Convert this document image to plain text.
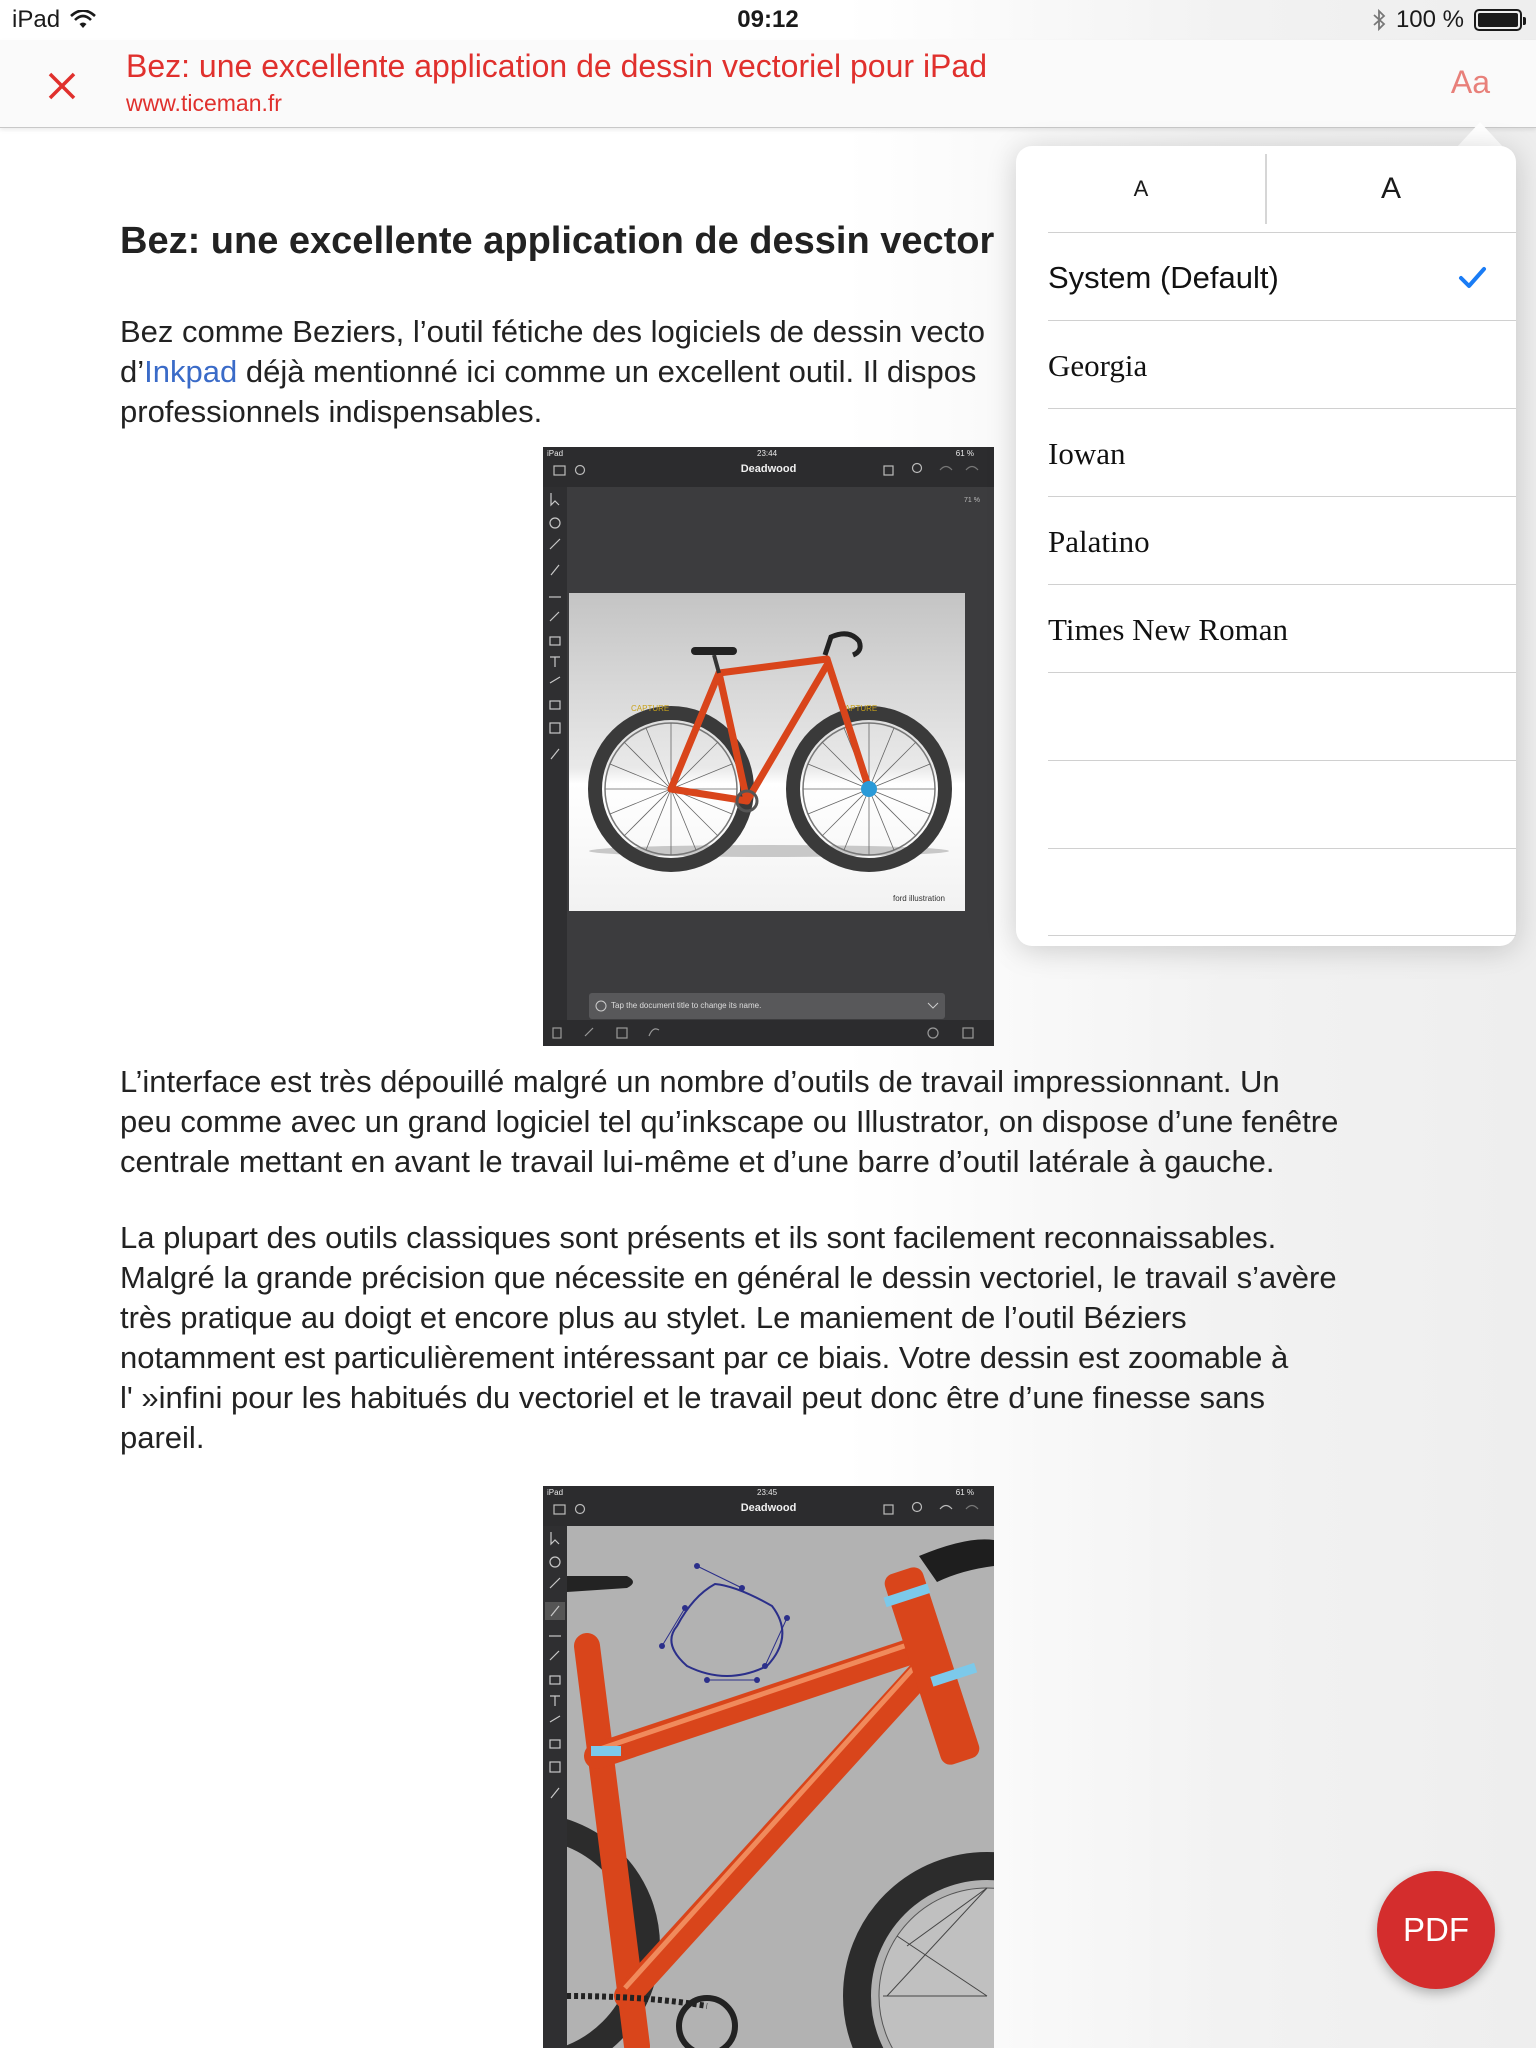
iPad	09:12	100 %
Bez: une excellente application de dessin vectoriel pour iPad
www.ticeman.fr
Aa
Bez: une excellente application de dessin vector
Bez comme Beziers, l’outil fétiche des logiciels de dessin vecto
d’Inkpad déjà mentionné ici comme un excellent outil. Il dispos
professionnels indispensables.
L’interface est très dépouillé malgré un nombre d’outils de travail impressionnant. Un
peu comme avec un grand logiciel tel qu’inkscape ou Illustrator, on dispose d’une fenêtre
centrale mettant en avant le travail lui-même et d’une barre d’outil latérale à gauche.
La plupart des outils classiques sont présents et ils sont facilement reconnaissables.
Malgré la grande précision que nécessite en général le dessin vectoriel, le travail s’avère
très pratique au doigt et encore plus au stylet. Le maniement de l’outil Béziers
notamment est particulièrement intéressant par ce biais. Votre dessin est zoomable à
l' »infini pour les habitués du vectoriel et le travail peut donc être d’une finesse sans
pareil.
iPad	23:44	61 %
Deadwood
71 %
CAPTURE	CAPTURE
ford illustration
Tap the document title to change its name.
iPad	23:45	61 %
Deadwood
A	A
System (Default)
Georgia
Iowan
Palatino
Times New Roman
PDF
